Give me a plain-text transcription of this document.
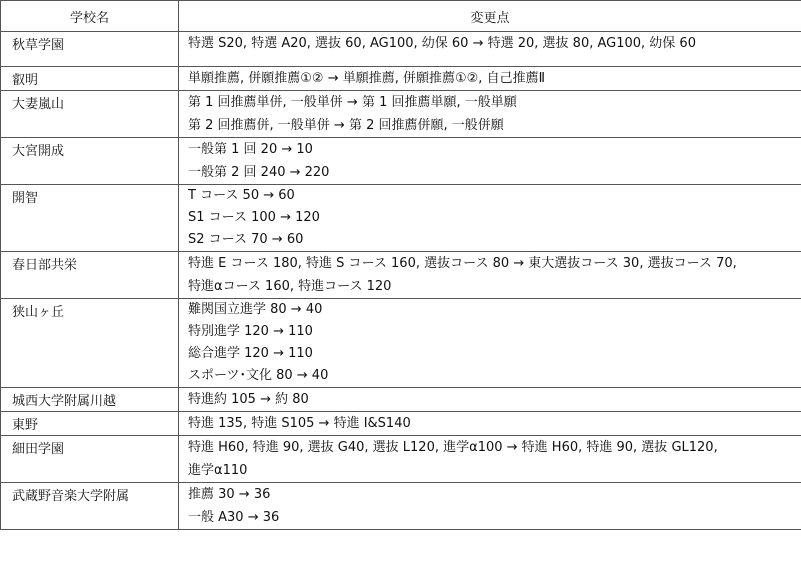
学校名	変更点
秋草学園	特選 S20, 特選 A20, 選抜 60, AG100, 幼保 60 → 特選 20, 選抜 80, AG100, 幼保 60

叡明	単願推薦, 併願推薦①② → 単願推薦, 併願推薦①②, 自己推薦Ⅱ

大妻嵐山	第 1 回推薦単併, 一般単併 → 第 1 回推薦単願, 一般単願
第 2 回推薦併, 一般単併 → 第 2 回推薦併願, 一般併願

大宮開成	一般第 1 回 20 → 10
一般第 2 回 240 → 220

開智	T コース 50 → 60
S1 コース 100 → 120
S2 コース 70 → 60

春日部共栄	特進 E コース 180, 特進 S コース 160, 選抜コース 80 → 東大選抜コース 30, 選抜コース 70,
特進αコース 160, 特進コース 120

狭山ヶ丘	難関国立進学 80 → 40
特別進学 120 → 110
総合進学 120 → 110
スポーツ･文化 80 → 40

城西大学附属川越	特進約 105 → 約 80

東野	特進 135, 特進 S105 → 特進 I&S140

細田学園	特進 H60, 特進 90, 選抜 G40, 選抜 L120, 進学α100 → 特進 H60, 特進 90, 選抜 GL120,
進学α110

武蔵野音楽大学附属	推薦 30 → 36
一般 A30 → 36
